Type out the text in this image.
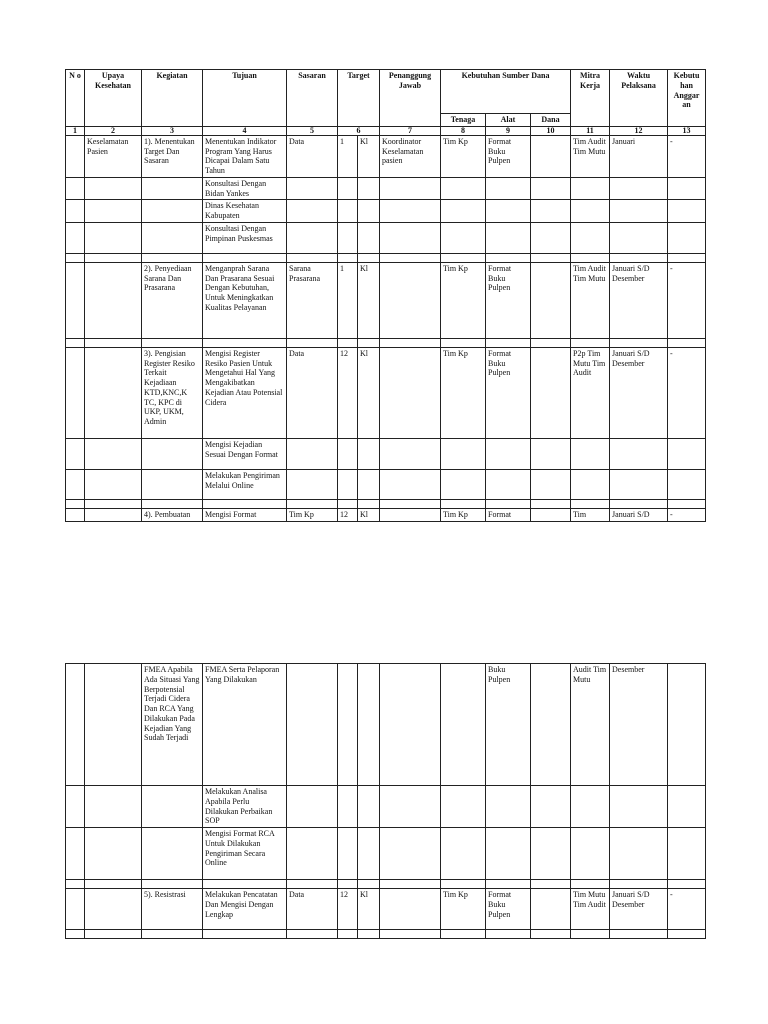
N o	Upaya Kesehatan	Kegiatan	Tujuan	Sasaran	Target		Penanggung Jawab	Kebutuhan Sumber Dana			Mitra Kerja	Waktu Pelaksana	Kebutu han Anggar an
								Tenaga	Alat	Dana			
1	2	3	4	5	6		7	8	9	10	11	12	13
	Keselamatan Pasien	1). Menentukan Target Dan Sasaran	Menentukan Indikator Program Yang Harus Dicapai Dalam Satu Tahun	Data	1	Kl	Koordinator Keselamatan pasien	Tim Kp	Format Buku Pulpen		Tim Audit Tim Mutu	Januari	-
			Konsultasi Dengan Bidan Yankes										
			Dinas Kesehatan Kabupaten										
			Konsultasi Dengan Pimpinan Puskesmas										

		2). Penyediaan Sarana Dan Prasarana	Menganprah Sarana Dan Prasarana Sesuai Dengan Kebutuhan, Untuk Meningkatkan Kualitas Pelayanan	Sarana Prasarana	1	Kl		Tim Kp	Format Buku Pulpen		Tim Audit Tim Mutu	Januari S/D Desember	-

		3). Pengisian Register Resiko Terkait Kejadiaan KTD,KNC,K TC, KPC di UKP, UKM, Admin	Mengisi Register Resiko Pasien Untuk Mengetahui Hal Yang Mengakibatkan Kejadian Atau Potensial Cidera	Data	12	Kl		Tim Kp	Format Buku Pulpen		P2p Tim Mutu Tim Audit	Januari S/D Desember	-
			Mengisi Kejadian Sesuai Dengan Format										
			Melakukan Pengiriman Melalui Online										

		4). Pembuatan	Mengisi Format	Tim Kp	12	Kl		Tim Kp	Format		Tim	Januari S/D	-
		FMEA Apabila Ada Situasi Yang Berpotensial Terjadi Cidera Dan RCA Yang Dilakukan Pada Kejadian Yang Sudah Terjadi	FMEA Serta Pelaporan Yang Dilakukan						Buku Pulpen		Audit Tim Mutu	Desember	
			Melakukan Analisa Apabila Perlu Dilakukan Perbaikan SOP										
			Mengisi Format RCA Untuk Dilakukan Pengiriman Secara Online										

		5). Resistrasi	Melakukan Pencatatan Dan Mengisi Dengan Lengkap	Data	12	Kl		Tim Kp	Format Buku Pulpen		Tim Mutu Tim Audit	Januari S/D Desember	-
